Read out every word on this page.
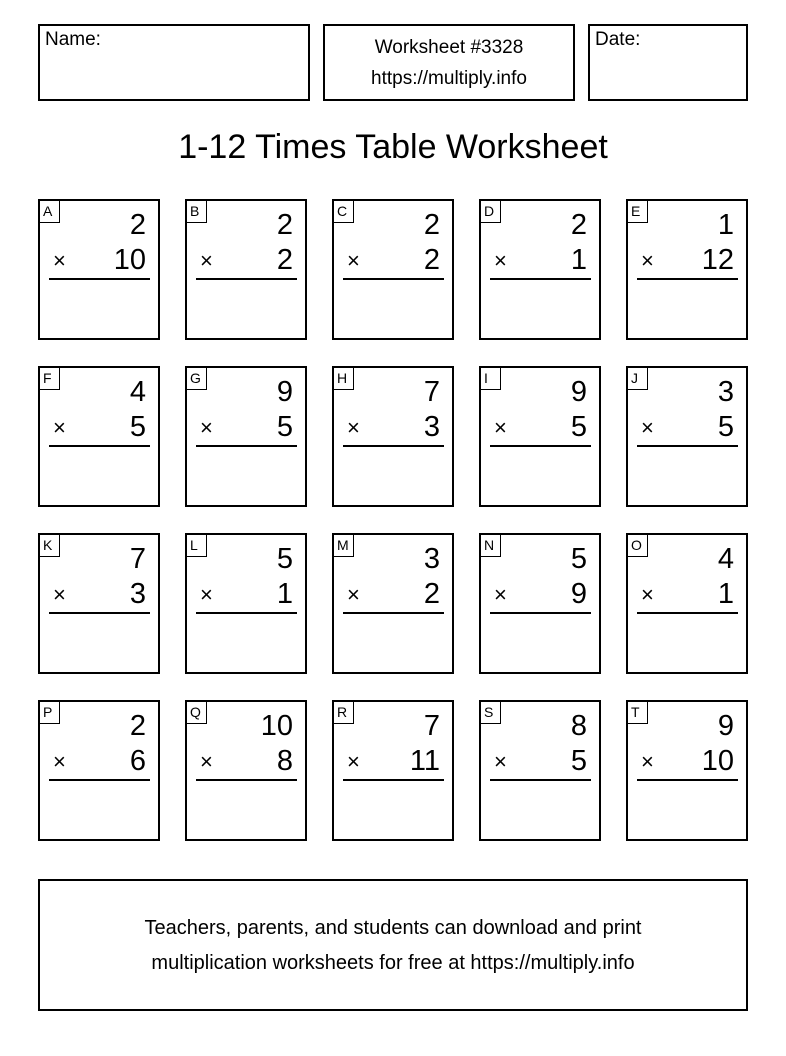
Name:	Worksheet #3328
https://multiply.info
Date:
1-12 Times Table Worksheet
A	2
× 10
B	2
× 2
C	2
× 2
D	2
× 1
E	1
× 12
F	4
× 5
G	9
× 5
H	7
× 3
I	9
× 5
J	3
× 5
K	7
× 3
L	5
× 1
M	3
× 2
N	5
× 9
O	4
× 1
P	2
× 6
Q 10
× 8
R	7
× 11
S	8
× 5
T	9
× 10
Teachers, parents, and students can download and print
multiplication worksheets for free at https://multiply.info
